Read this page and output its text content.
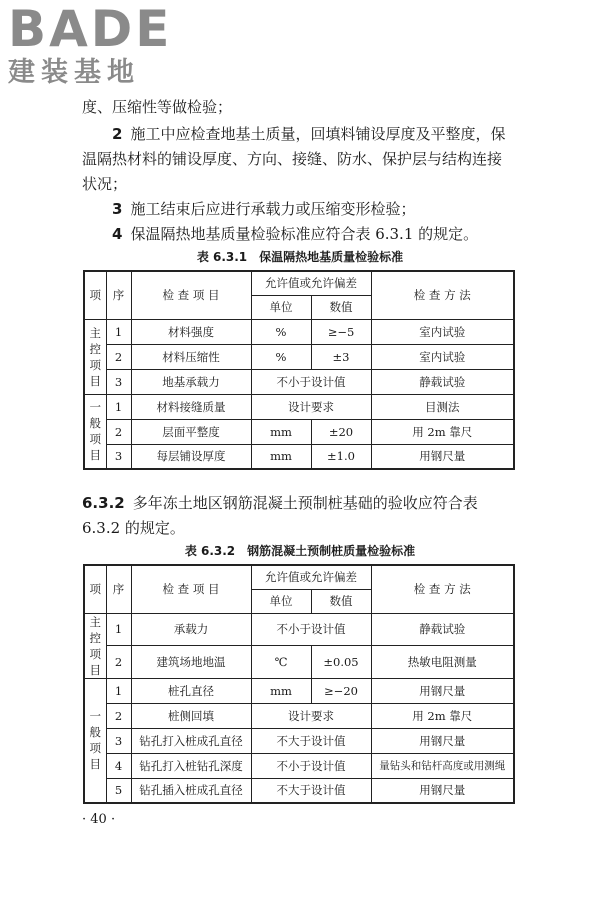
BADE
建装基地
度、压缩性等做检验；
2 施工中应检查地基土质量，回填料铺设厚度及平整度，保
温隔热材料的铺设厚度、方向、接缝、防水、保护层与结构连接
状况；
3 施工结束后应进行承载力或压缩变形检验；
4 保温隔热地基质量检验标准应符合表 6.3.1 的规定。
表 6.3.1　保温隔热地基质量检验标准
项	序	检 查 项 目	允许值或允许偏差		检 查 方 法
			单位	数值	
主控项目	1	材料强度	%	≥−5	室内试验
	2	材料压缩性	%	±3	室内试验
	3	地基承载力	不小于设计值		静载试验
一般项目	1	材料接缝质量	设计要求		目测法
	2	层面平整度	mm	±20	用 2m 靠尺
	3	每层铺设厚度	mm	±1.0	用钢尺量
6.3.2 多年冻土地区钢筋混凝土预制桩基础的验收应符合表
6.3.2 的规定。
表 6.3.2　钢筋混凝土预制桩质量检验标准
项	序	检 查 项 目	允许值或允许偏差		检 查 方 法
			单位	数值	
主控项目	1	承载力	不小于设计值		静载试验
	2	建筑场地地温	℃	±0.05	热敏电阻测量
一般项目	1	桩孔直径	mm	≥−20	用钢尺量
	2	桩侧回填	设计要求		用 2m 靠尺
	3	钻孔打入桩成孔直径	不大于设计值		用钢尺量
	4	钻孔打入桩钻孔深度	不小于设计值		量钻头和钻杆高度或用测绳
	5	钻孔插入桩成孔直径	不大于设计值		用钢尺量
· 40 ·
